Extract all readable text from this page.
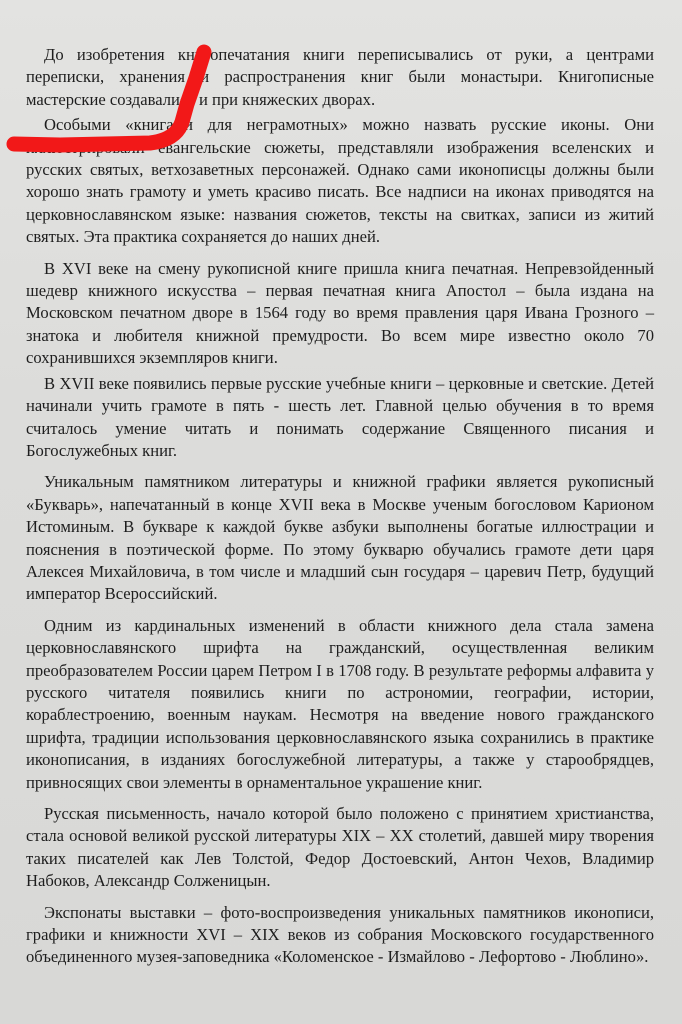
До изобретения книгопечатания книги переписывались от руки, а центрами переписки, хранения и распространения книг были монастыри. Книгописные мастерские создавались и при княжеских дворах.

Особыми «книгами для неграмотных» можно назвать русские иконы. Они иллюстрировали евангельские сюжеты, представляли изображения вселенских и русских святых, ветхозаветных персонажей. Однако сами иконописцы должны были хорошо знать грамоту и уметь красиво писать. Все надписи на иконах приводятся на церковнославянском языке: названия сюжетов, тексты на свитках, записи из житий святых. Эта практика сохраняется до наших дней.

В XVI веке на смену рукописной книге пришла книга печатная. Непревзойденный шедевр книжного искусства – первая печатная книга Апостол – была издана на Московском печатном дворе в 1564 году во время правления царя Ивана Грозного – знатока и любителя книжной премудрости. Во всем мире известно около 70 сохранившихся экземпляров книги.

В XVII веке появились первые русские учебные книги – церковные и светские. Детей начинали учить грамоте в пять - шесть лет. Главной целью обучения в то время считалось умение читать и понимать содержание Священного писания и Богослужебных книг.

Уникальным памятником литературы и книжной графики является рукописный «Букварь», напечатанный в конце XVII века в Москве ученым богословом Карионом Истоминым. В букваре к каждой букве азбуки выполнены богатые иллюстрации и пояснения в поэтической форме. По этому букварю обучались грамоте дети царя Алексея Михайловича, в том числе и младший сын государя – царевич Петр, будущий император Всероссийский.

Одним из кардинальных изменений в области книжного дела стала замена церковнославянского шрифта на гражданский, осуществленная великим преобразователем России царем Петром I в 1708 году. В результате реформы алфавита у русского читателя появились книги по астрономии, географии, истории, кораблестроению, военным наукам. Несмотря на введение нового гражданского шрифта, традиции использования церковнославянского языка сохранились в практике иконописания, в изданиях богослужебной литературы, а также у старообрядцев, привносящих свои элементы в орнаментальное украшение книг.

Русская письменность, начало которой было положено с принятием христианства, стала основой великой русской литературы XIX – XX столетий, давшей миру творения таких писателей как Лев Толстой, Федор Достоевский, Антон Чехов, Владимир Набоков, Александр Солженицын.

Экспонаты выставки – фото-воспроизведения уникальных памятников иконописи, графики и книжности XVI – XIX веков из собрания Московского государственного объединенного музея-заповедника «Коломенское - Измайлово - Лефортово - Люблино».
